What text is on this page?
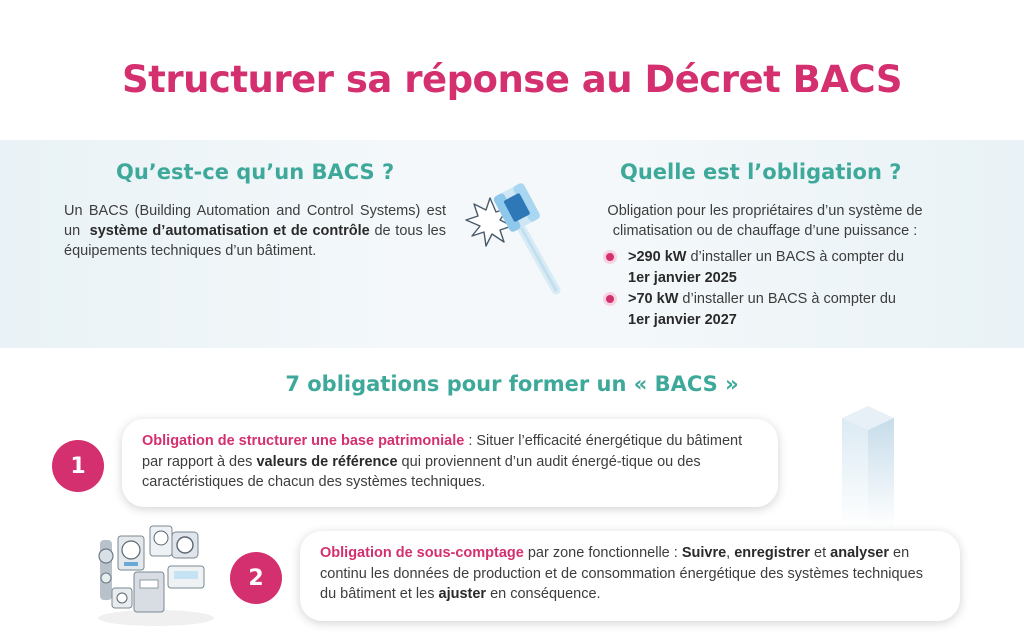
Structurer sa réponse au Décret BACS
Qu’est-ce qu’un BACS ?

Un BACS (Building Automation and Control Systems) est un système d’automatisation et de contrôle de tous les équipements techniques d’un bâtiment.

Quelle est l’obligation ?

Obligation pour les propriétaires d’un système de climatisation ou de chauffage d’une puissance :

>290 kW d’installer un BACS à compter du
1er janvier 2025
>70 kW d’installer un BACS à compter du
1er janvier 2027
7 obligations pour former un « BACS »
1
Obligation de structurer une base patrimoniale : Situer l’efficacité énergétique du bâtiment par rapport à des valeurs de référence qui proviennent d’un audit énergé-tique ou des caractéristiques de chacun des systèmes techniques.
2
Obligation de sous-comptage par zone fonctionnelle : Suivre, enregistrer et analyser en continu les données de production et de consommation énergétique des systèmes techniques du bâtiment et les ajuster en conséquence.
